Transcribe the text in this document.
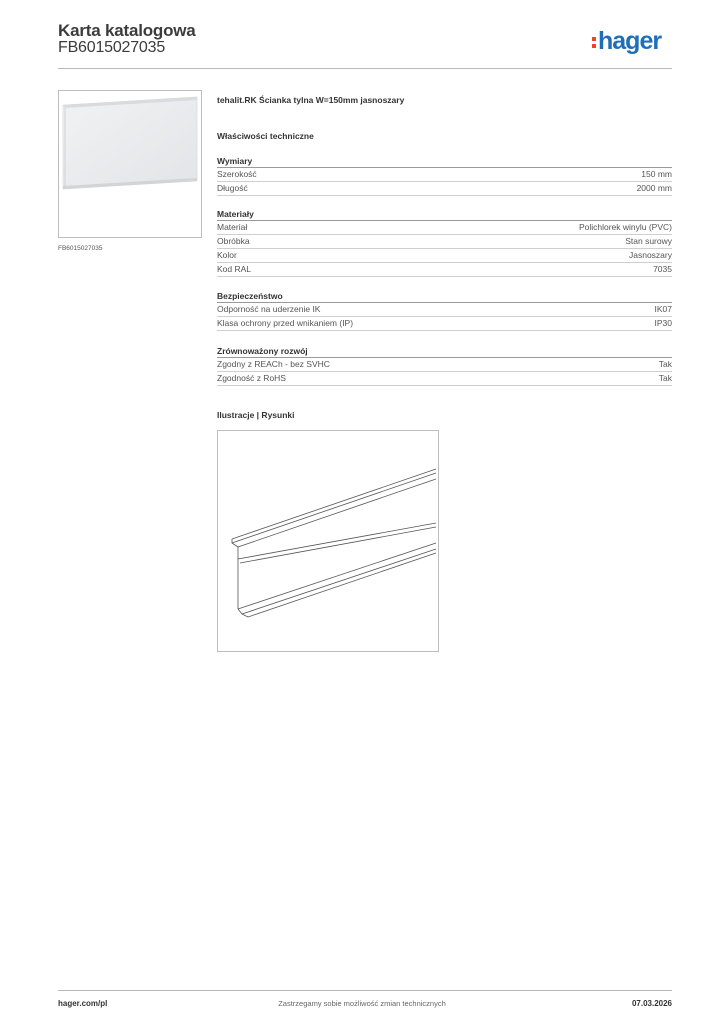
Karta katalogowa
FB6015027035	hager
FB6015027035
tehalit.RK Ścianka tylna W=150mm jasnoszary
Właściwości techniczne
Wymiary
Szerokość	150 mm
Długość	2000 mm
Materiały
Materiał	Polichlorek winylu (PVC)
Obróbka	Stan surowy
Kolor	Jasnoszary
Kod RAL	7035
Bezpieczeństwo
Odporność na uderzenie IK	IK07
Klasa ochrony przed wnikaniem (IP)	IP30
Zrównoważony rozwój
Zgodny z REACh - bez SVHC	Tak
Zgodność z RoHS	Tak
Ilustracje | Rysunki
hager.com/pl	Zastrzegamy sobie możliwość zmian technicznych	07.03.2026
